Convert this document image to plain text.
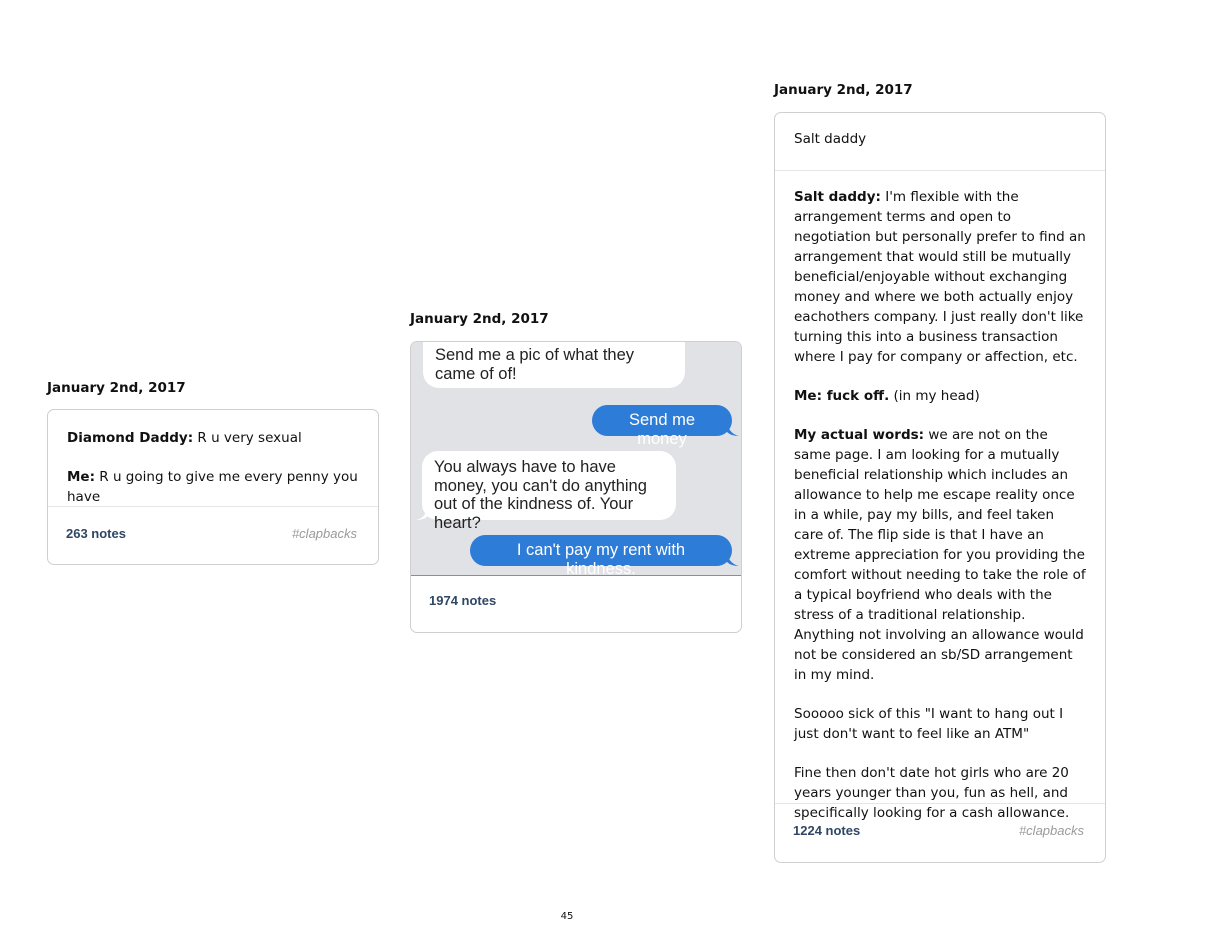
January 2nd, 2017

Diamond Daddy: R u very sexual

Me: R u going to give me every penny you have

263 notes	#clapbacks
January 2nd, 2017
Send me a pic of what they came of of!
Send me money
You always have to have money, you can't do anything out of the kindness of. Your heart?
I can't pay my rent with kindness.
1974 notes
January 2nd, 2017
Salt daddy

Salt daddy: I'm flexible with the arrangement terms and open to negotiation but personally prefer to find an arrangement that would still be mutually beneficial/enjoyable without exchanging money and where we both actually enjoy eachothers company. I just really don't like turning this into a business transaction where I pay for company or affection, etc.

Me: fuck off. (in my head)

My actual words: we are not on the same page. I am looking for a mutually beneficial relationship which includes an allowance to help me escape reality once in a while, pay my bills, and feel taken care of. The flip side is that I have an extreme appreciation for you providing the comfort without needing to take the role of a typical boyfriend who deals with the stress of a traditional relationship. Anything not involving an allowance would not be considered an sb/SD arrangement in my mind.

Sooooo sick of this "I want to hang out I just don't want to feel like an ATM"

Fine then don't date hot girls who are 20 years younger than you, fun as hell, and specifically looking for a cash allowance.

1224 notes	#clapbacks
45
